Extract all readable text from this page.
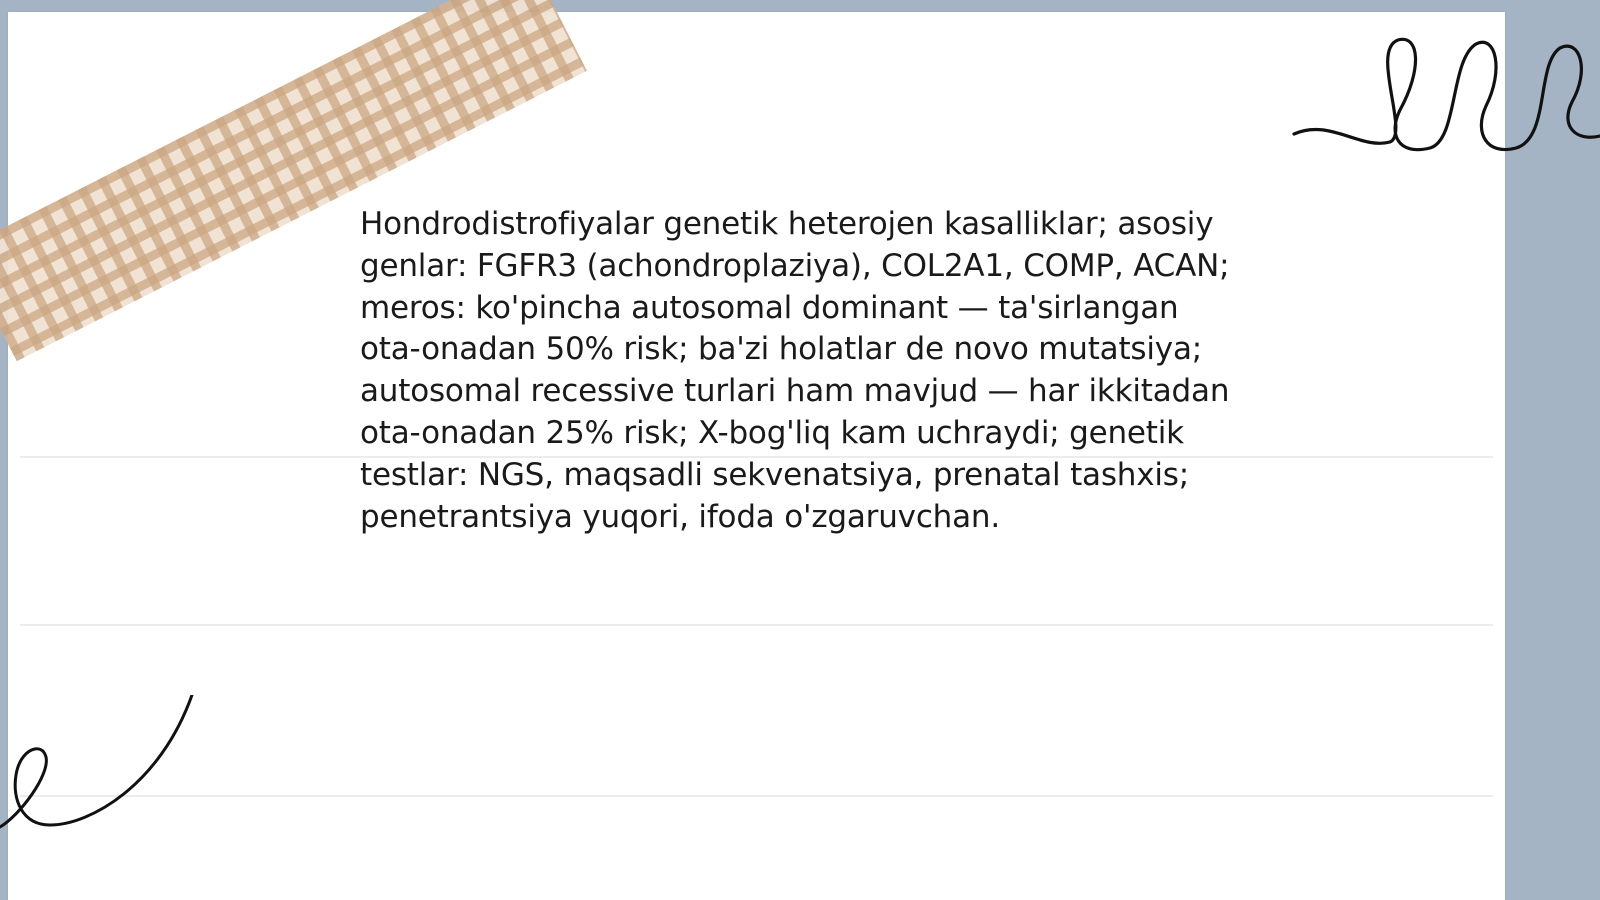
Hondrodistrofiyalar genetik heterojen kasalliklar; asosiy genlar: FGFR3 (achondroplaziya), COL2A1, COMP, ACAN; meros: ko'pincha autosomal dominant — ta'sirlangan ota-onadan 50% risk; ba'zi holatlar de novo mutatsiya; autosomal recessive turlari ham mavjud — har ikkitadan ota-onadan 25% risk; X-bog'liq kam uchraydi; genetik testlar: NGS, maqsadli sekvenatsiya, prenatal tashxis; penetrantsiya yuqori, ifoda o'zgaruvchan.
